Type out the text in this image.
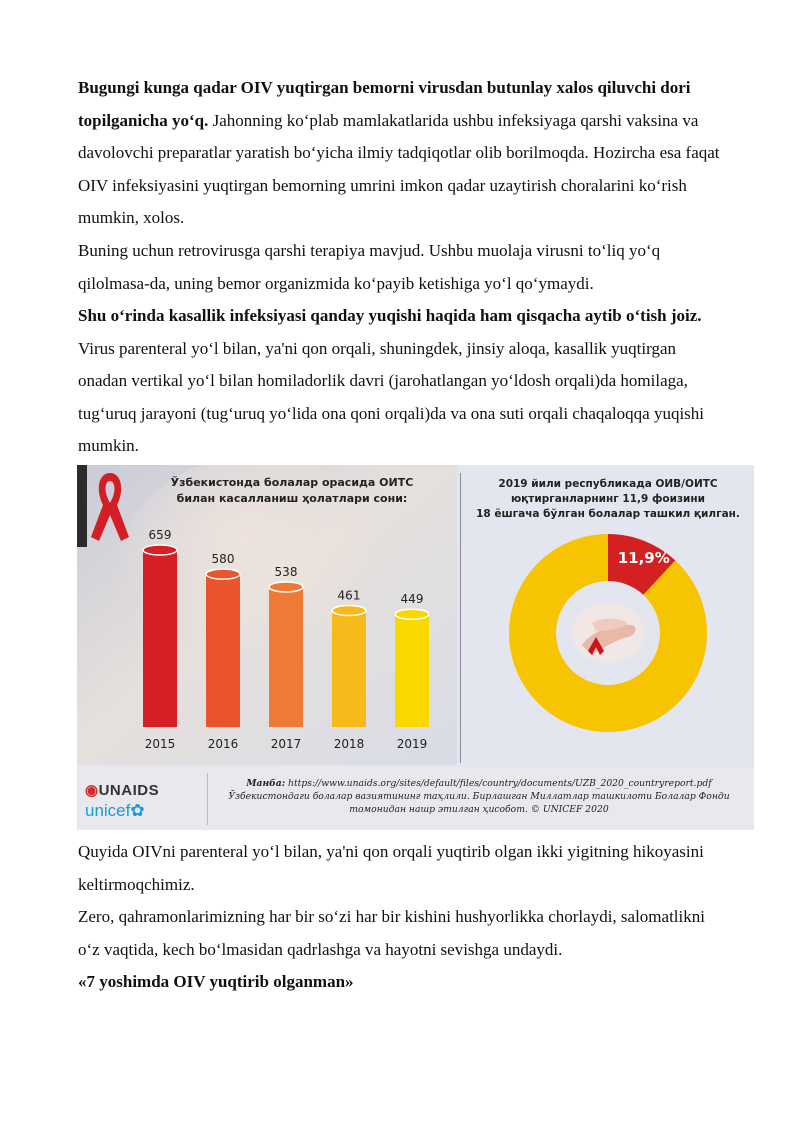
Bugungi kunga qadar OIV yuqtirgan bemorni virusdan butunlay xalos qiluvchi dori topilganicha yo‘q. Jahonning ko‘plab mamlakatlarida ushbu infeksiyaga qarshi vaksina va davolovchi preparatlar yaratish bo‘yicha ilmiy tadqiqotlar olib borilmoqda. Hozircha esa faqat OIV infeksiyasini yuqtirgan bemorning umrini imkon qadar uzaytirish choralarini ko‘rish mumkin, xolos.

Buning uchun retrovirusga qarshi terapiya mavjud. Ushbu muolaja virusni to‘liq yo‘q qilolmasa-da, uning bemor organizmida ko‘payib ketishiga yo‘l qo‘ymaydi.

Shu o‘rinda kasallik infeksiyasi qanday yuqishi haqida ham qisqacha aytib o‘tish joiz. Virus parenteral yo‘l bilan, ya'ni qon orqali, shuningdek, jinsiy aloqa, kasallik yuqtirgan onadan vertikal yo‘l bilan homiladorlik davri (jarohatlangan yo‘ldosh orqali)da homilaga, tug‘uruq jarayoni (tug‘uruq yo‘lida ona qoni orqali)da va ona suti orqali chaqaloqqa yuqishi mumkin.

Ўзбекистонда болалар орасида ОИТС
билан касалланиш ҳолатлари сони:
659
2015
580
2016
538
2017
461
2018
449
2019
2019 йили республикада ОИВ/ОИТС
юқтирганларнинг 11,9 фоизини
18 ёшгача бўлган болалар ташкил қилган.
11,9%
◉UNAIDS
unicef✿
Манба: https://www.unaids.org/sites/default/files/country/documents/UZB_2020_countryreport.pdf
Ўзбекистондаги болалар вазиятининг таҳлили. Бирлашган Миллатлар ташкилоти Болалар Фонди
томонидан нашр этилган ҳисобот. © UNICEF 2020

Quyida OIVni parenteral yo‘l bilan, ya'ni qon orqali yuqtirib olgan ikki yigitning hikoyasini keltirmoqchimiz.

Zero, qahramonlarimizning har bir so‘zi har bir kishini hushyorlikka chorlaydi, salomatlikni o‘z vaqtida, kech bo‘lmasidan qadrlashga va hayotni sevishga undaydi.

«7 yoshimda OIV yuqtirib olganman»
